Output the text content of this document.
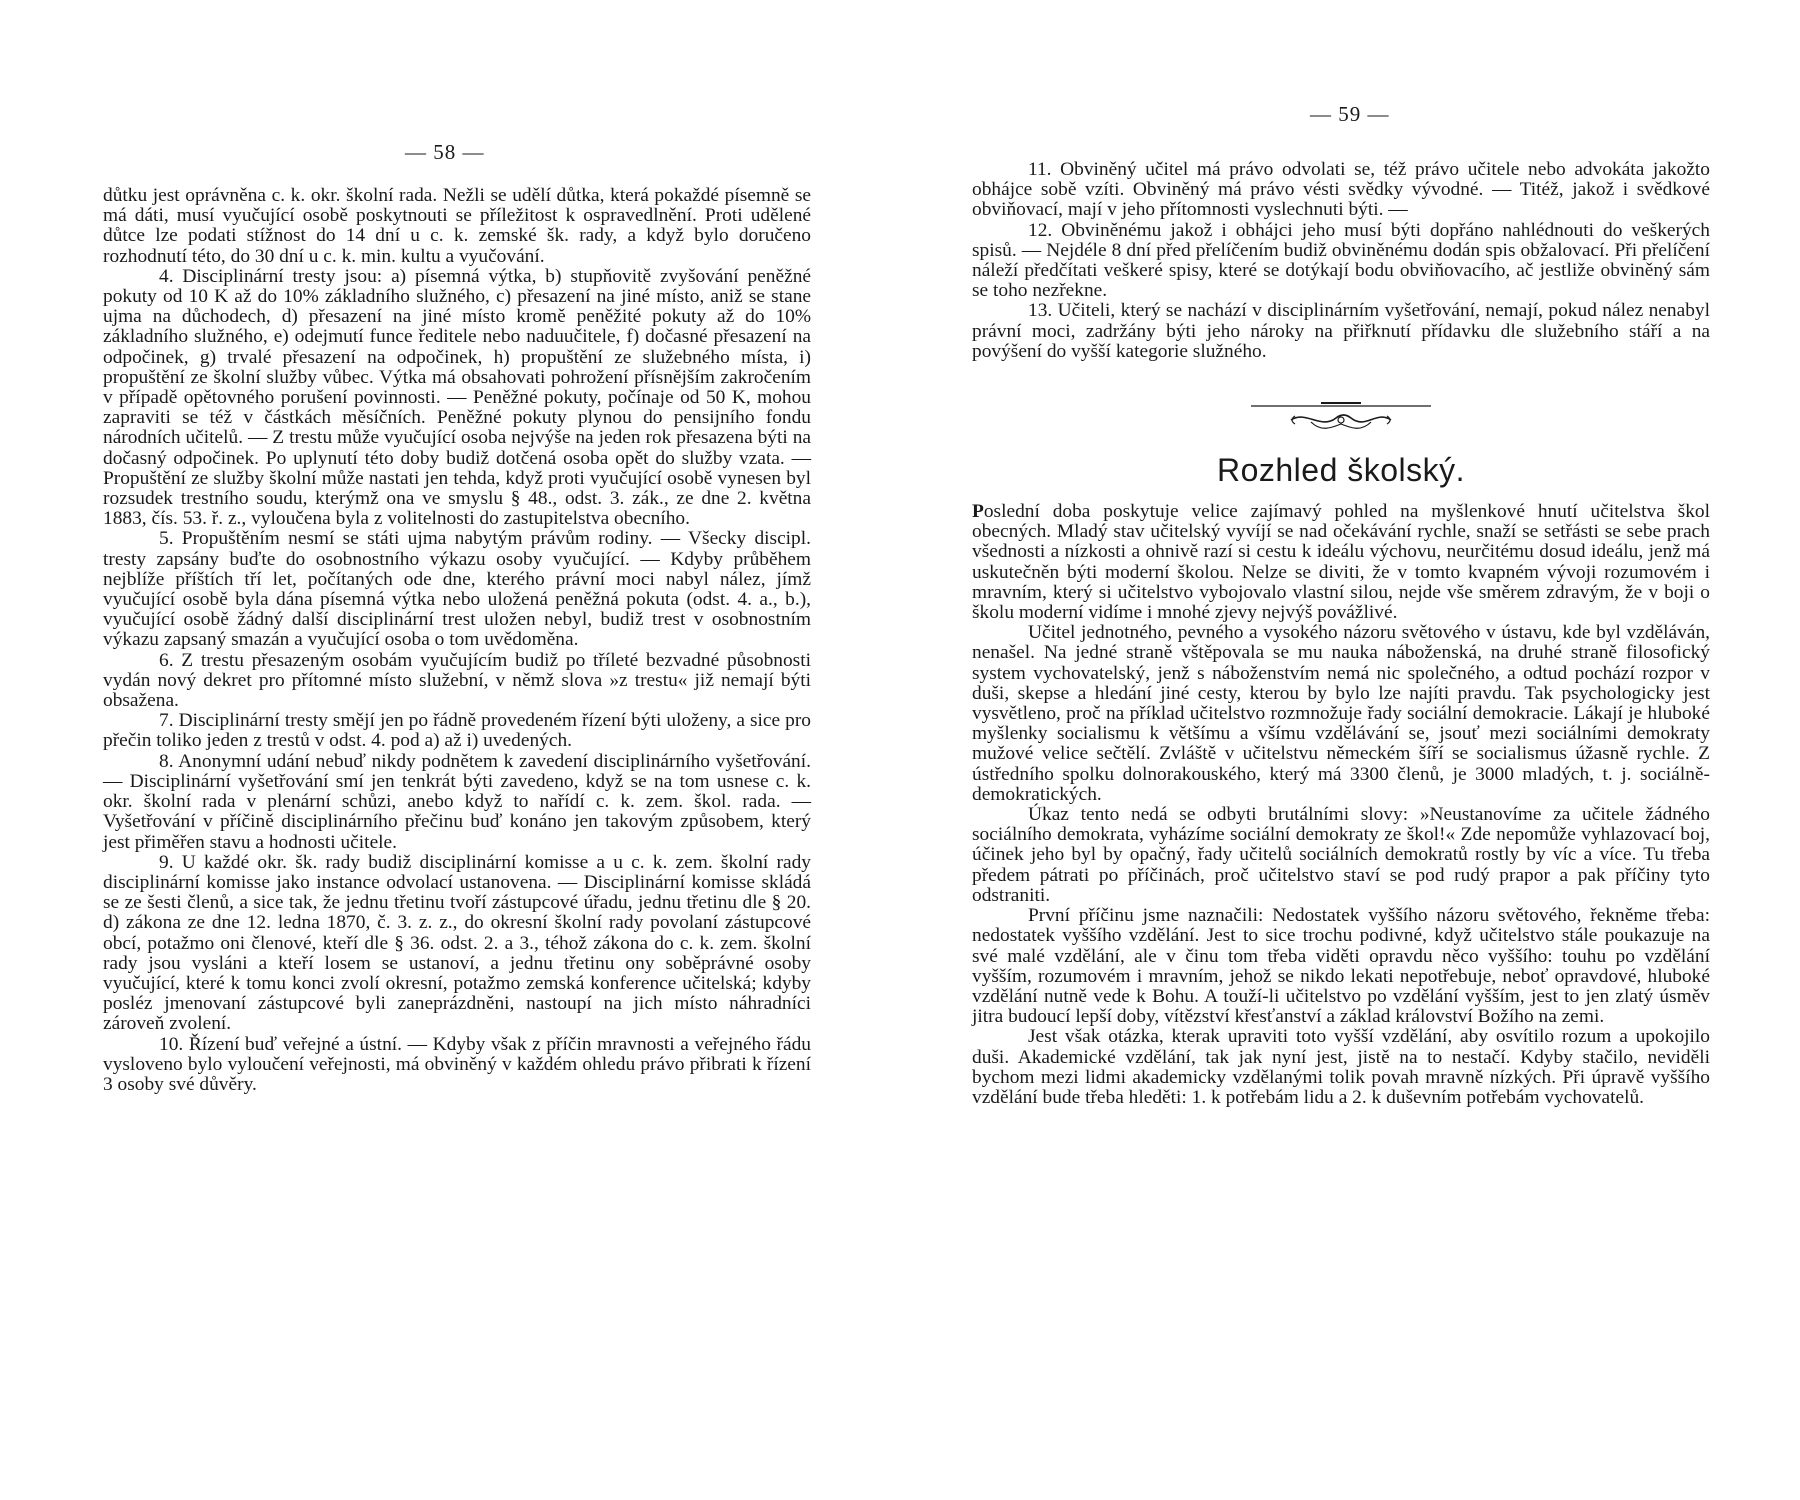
— 58 —

důtku jest oprávněna c. k. okr. školní rada. Nežli se udělí důtka, která pokaždé písemně se má dáti, musí vyučující osobě poskytnouti se příležitost k ospravedlnění. Proti udělené důtce lze podati stížnost do 14 dní u c. k. zemské šk. rady, a když bylo doručeno rozhodnutí této, do 30 dní u c. k. min. kultu a vyučování.

4. Disciplinární tresty jsou: a) písemná výtka, b) stupňovitě zvyšování peněžné pokuty od 10 K až do 10% základního služného, c) přesazení na jiné místo, aniž se stane ujma na důchodech, d) přesazení na jiné místo kromě peněžité pokuty až do 10% základního služného, e) odejmutí funce ředitele nebo naduučitele, f) dočasné přesazení na odpočinek, g) trvalé přesazení na odpočinek, h) propuštění ze služebného místa, i) propuštění ze školní služby vůbec. Výtka má obsahovati pohrožení přísnějším zakročením v případě opětovného porušení povinnosti. — Peněžné pokuty, počínaje od 50 K, mohou zapraviti se též v částkách měsíčních. Peněžné pokuty plynou do pensijního fondu národních učitelů. — Z trestu může vyučující osoba nejvýše na jeden rok přesazena býti na dočasný odpočinek. Po uplynutí této doby budiž dotčená osoba opět do služby vzata. — Propuštění ze služby školní může nastati jen tehda, když proti vyučující osobě vynesen byl rozsudek trestního soudu, kterýmž ona ve smyslu § 48., odst. 3. zák., ze dne 2. května 1883, čís. 53. ř. z., vyloučena byla z volitelnosti do zastupitelstva obecního.

5. Propuštěním nesmí se státi ujma nabytým právům rodiny. — Všecky discipl. tresty zapsány buďte do osobnostního výkazu osoby vyučující. — Kdyby průběhem nejblíže příštích tří let, počítaných ode dne, kterého právní moci nabyl nález, jímž vyučující osobě byla dána písemná výtka nebo uložená peněžná pokuta (odst. 4. a., b.), vyučující osobě žádný další disciplinární trest uložen nebyl, budiž trest v osobnostním výkazu zapsaný smazán a vyučující osoba o tom uvědoměna.

6. Z trestu přesazeným osobám vyučujícím budiž po tříleté bezvadné působnosti vydán nový dekret pro přítomné místo služební, v němž slova »z trestu« již nemají býti obsažena.

7. Disciplinární tresty smějí jen po řádně provedeném řízení býti uloženy, a sice pro přečin toliko jeden z trestů v odst. 4. pod a) až i) uvedených.

8. Anonymní udání nebuď nikdy podnětem k zavedení disciplinárního vyšetřování. — Disciplinární vyšetřování smí jen tenkrát býti zavedeno, když se na tom usnese c. k. okr. školní rada v plenární schůzi, anebo když to nařídí c. k. zem. škol. rada. — Vyšetřování v příčině disciplinárního přečinu buď konáno jen takovým způsobem, který jest přiměřen stavu a hodnosti učitele.

9. U každé okr. šk. rady budiž disciplinární komisse a u c. k. zem. školní rady disciplinární komisse jako instance odvolací ustanovena. — Disciplinární komisse skládá se ze šesti členů, a sice tak, že jednu třetinu tvoří zástupcové úřadu, jednu třetinu dle § 20. d) zákona ze dne 12. ledna 1870, č. 3. z. z., do okresní školní rady povolaní zástupcové obcí, potažmo oni členové, kteří dle § 36. odst. 2. a 3., téhož zákona do c. k. zem. školní rady jsou vysláni a kteří losem se ustanoví, a jednu třetinu ony soběprávné osoby vyučující, které k tomu konci zvolí okresní, potažmo zemská konference učitelská; kdyby posléz jmenovaní zástupcové byli zaneprázdněni, nastoupí na jich místo náhradníci zároveň zvolení.

10. Řízení buď veřejné a ústní. — Kdyby však z příčin mravnosti a veřejného řádu vysloveno bylo vyloučení veřejnosti, má obviněný v každém ohledu právo přibrati k řízení 3 osoby své důvěry.

— 59 —

11. Obviněný učitel má právo odvolati se, též právo učitele nebo advokáta jakožto obhájce sobě vzíti. Obviněný má právo vésti svědky vývodné. — Titéž, jakož i svědkové obviňovací, mají v jeho přítomnosti vyslechnuti býti. —

12. Obviněnému jakož i obhájci jeho musí býti dopřáno nahlédnouti do veškerých spisů. — Nejdéle 8 dní před přelíčením budiž obviněnému dodán spis obžalovací. Při přelíčení náleží předčítati veškeré spisy, které se dotýkají bodu obviňovacího, ač jestliže obviněný sám se toho nezřekne.

13. Učiteli, který se nachází v disciplinárním vyšetřování, nemají, pokud nález nenabyl právní moci, zadržány býti jeho nároky na přiřknutí přídavku dle služebního stáří a na povýšení do vyšší kategorie služného.

Rozhled školský.

Poslední doba poskytuje velice zajímavý pohled na myšlenkové hnutí učitelstva škol obecných. Mladý stav učitelský vyvíjí se nad očekávání rychle, snaží se setřásti se sebe prach všednosti a nízkosti a ohnivě razí si cestu k ideálu výchovu, neurčitému dosud ideálu, jenž má uskutečněn býti moderní školou. Nelze se diviti, že v tomto kvapném vývoji rozumovém i mravním, který si učitelstvo vybojovalo vlastní silou, nejde vše směrem zdravým, že v boji o školu moderní vidíme i mnohé zjevy nejvýš povážlivé.

Učitel jednotného, pevného a vysokého názoru světového v ústavu, kde byl vzděláván, nenašel. Na jedné straně vštěpovala se mu nauka náboženská, na druhé straně filosofický system vychovatelský, jenž s náboženstvím nemá nic společného, a odtud pochází rozpor v duši, skepse a hledání jiné cesty, kterou by bylo lze najíti pravdu. Tak psychologicky jest vysvětleno, proč na příklad učitelstvo rozmnožuje řady sociální demokracie. Lákají je hluboké myšlenky socialismu k většímu a všímu vzdělávání se, jsouť mezi sociálními demokraty mužové velice sečtělí. Zvláště v učitelstvu německém šíří se socialismus úžasně rychle. Z ústředního spolku dolnorakouského, který má 3300 členů, je 3000 mladých, t. j. sociálně-demokratických.

Úkaz tento nedá se odbyti brutálními slovy: »Neustanovíme za učitele žádného sociálního demokrata, vyházíme sociální demokraty ze škol!« Zde nepomůže vyhlazovací boj, účinek jeho byl by opačný, řady učitelů sociálních demokratů rostly by víc a více. Tu třeba předem pátrati po příčinách, proč učitelstvo staví se pod rudý prapor a pak příčiny tyto odstraniti.

První příčinu jsme naznačili: Nedostatek vyššího názoru světového, řekněme třeba: nedostatek vyššího vzdělání. Jest to sice trochu podivné, když učitelstvo stále poukazuje na své malé vzdělání, ale v činu tom třeba viděti opravdu něco vyššího: touhu po vzdělání vyšším, rozumovém i mravním, jehož se nikdo lekati nepotřebuje, neboť opravdové, hluboké vzdělání nutně vede k Bohu. A touží-li učitelstvo po vzdělání vyšším, jest to jen zlatý úsměv jitra budoucí lepší doby, vítězství křesťanství a základ království Božího na zemi.

Jest však otázka, kterak upraviti toto vyšší vzdělání, aby osvítilo rozum a upokojilo duši. Akademické vzdělání, tak jak nyní jest, jistě na to nestačí. Kdyby stačilo, neviděli bychom mezi lidmi akademicky vzdělanými tolik povah mravně nízkých. Při úpravě vyššího vzdělání bude třeba hleděti: 1. k potřebám lidu a 2. k duševním potřebám vychovatelů.
